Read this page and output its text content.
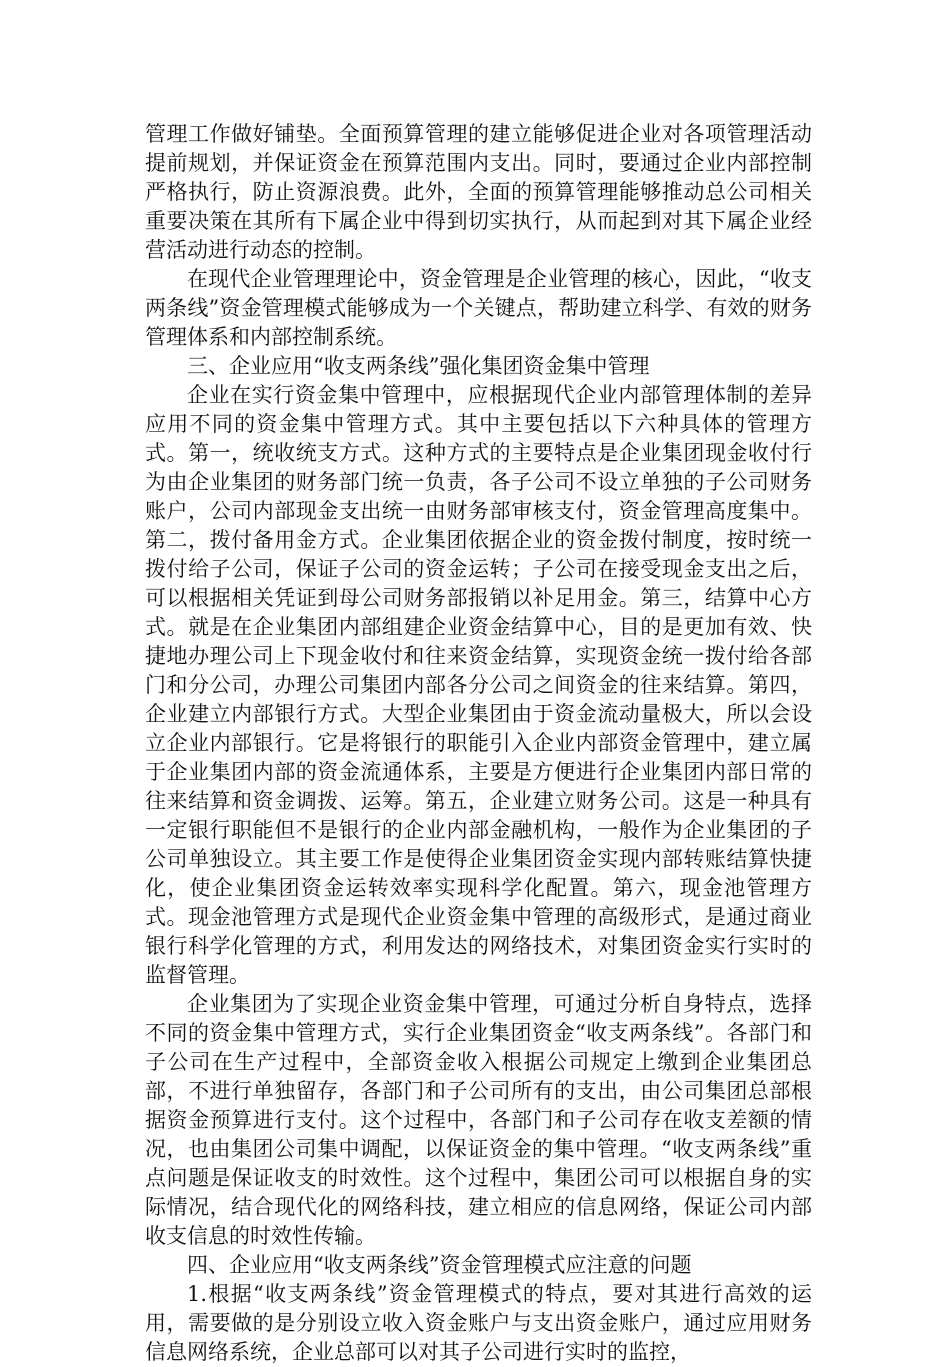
管理工作做好铺垫。全面预算管理的建立能够促进企业对各项管理活动提前规划，并保证资金在预算范围内支出。同时，要通过企业内部控制严格执行，防止资源浪费。此外，全面的预算管理能够推动总公司相关重要决策在其所有下属企业中得到切实执行，从而起到对其下属企业经营活动进行动态的控制。

在现代企业管理理论中，资金管理是企业管理的核心，因此，“收支两条线”资金管理模式能够成为一个关键点，帮助建立科学、有效的财务管理体系和内部控制系统。

三、企业应用“收支两条线”强化集团资金集中管理

企业在实行资金集中管理中，应根据现代企业内部管理体制的差异应用不同的资金集中管理方式。其中主要包括以下六种具体的管理方式。第一，统收统支方式。这种方式的主要特点是企业集团现金收付行为由企业集团的财务部门统一负责，各子公司不设立单独的子公司财务账户，公司内部现金支出统一由财务部审核支付，资金管理高度集中。第二，拨付备用金方式。企业集团依据企业的资金拨付制度，按时统一拨付给子公司，保证子公司的资金运转；子公司在接受现金支出之后，可以根据相关凭证到母公司财务部报销以补足用金。第三，结算中心方式。就是在企业集团内部组建企业资金结算中心，目的是更加有效、快捷地办理公司上下现金收付和往来资金结算，实现资金统一拨付给各部门和分公司，办理公司集团内部各分公司之间资金的往来结算。第四，企业建立内部银行方式。大型企业集团由于资金流动量极大，所以会设立企业内部银行。它是将银行的职能引入企业内部资金管理中，建立属于企业集团内部的资金流通体系，主要是方便进行企业集团内部日常的往来结算和资金调拨、运筹。第五，企业建立财务公司。这是一种具有一定银行职能但不是银行的企业内部金融机构，一般作为企业集团的子公司单独设立。其主要工作是使得企业集团资金实现内部转账结算快捷化，使企业集团资金运转效率实现科学化配置。第六，现金池管理方式。现金池管理方式是现代企业资金集中管理的高级形式，是通过商业银行科学化管理的方式，利用发达的网络技术，对集团资金实行实时的监督管理。

企业集团为了实现企业资金集中管理，可通过分析自身特点，选择不同的资金集中管理方式，实行企业集团资金“收支两条线”。各部门和子公司在生产过程中，全部资金收入根据公司规定上缴到企业集团总部，不进行单独留存，各部门和子公司所有的支出，由公司集团总部根据资金预算进行支付。这个过程中，各部门和子公司存在收支差额的情况，也由集团公司集中调配，以保证资金的集中管理。“收支两条线”重点问题是保证收支的时效性。这个过程中，集团公司可以根据自身的实际情况，结合现代化的网络科技，建立相应的信息网络，保证公司内部收支信息的时效性传输。

四、企业应用“收支两条线”资金管理模式应注意的问题

1.根据“收支两条线”资金管理模式的特点，要对其进行高效的运用，需要做的是分别设立收入资金账户与支出资金账户，通过应用财务信息网络系统，企业总部可以对其子公司进行实时的监控，
